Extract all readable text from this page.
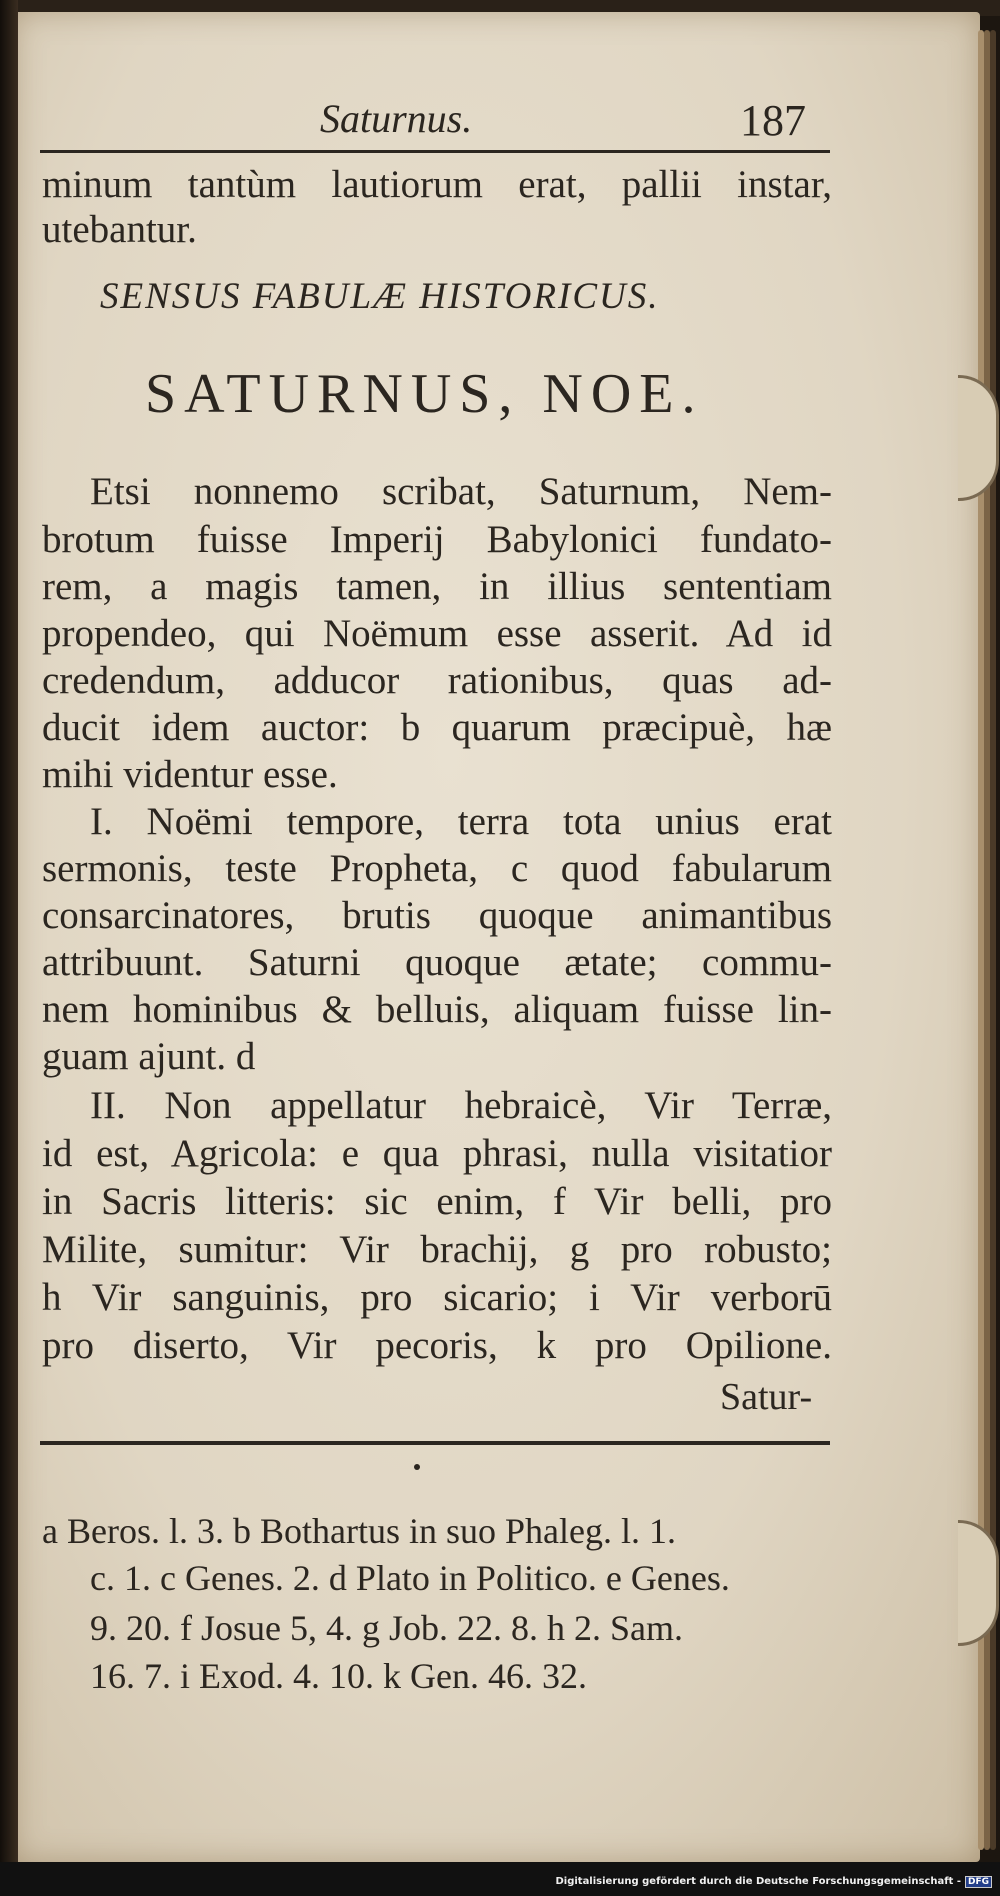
Saturnus.	187
minum tantùm lautiorum erat, pallii instar,
utebantur.
SENSUS FABULÆ HISTORICUS.
SATURNUS, NOE.
Etsi nonnemo scribat, Saturnum, Nem-
brotum fuisse Imperij Babylonici fundato-
rem, a magis tamen, in illius sententiam
propendeo, qui Noëmum esse asserit. Ad id
credendum, adducor rationibus, quas ad-
ducit idem auctor: b quarum præcipuè, hæ
mihi videntur esse.
I. Noëmi tempore, terra tota unius erat
sermonis, teste Propheta, c quod fabularum
consarcinatores, brutis quoque animantibus
attribuunt. Saturni quoque ætate; commu-
nem hominibus & belluis, aliquam fuisse lin-
guam ajunt. d
II. Non appellatur hebraicè, Vir Terræ,
id est, Agricola: e qua phrasi, nulla visitatior
in Sacris litteris: sic enim, f Vir belli, pro
Milite, sumitur: Vir brachij, g pro robusto;
h Vir sanguinis, pro sicario; i Vir verborū
pro diserto, Vir pecoris, k pro Opilione.
Satur-
a Beros. l. 3. b Bothartus in suo Phaleg. l. 1.
c. 1. c Genes. 2. d Plato in Politico. e Genes.
9. 20. f Josue 5, 4. g Job. 22. 8. h 2. Sam.
16. 7. i Exod. 4. 10. k Gen. 46. 32.
Digitalisierung gefördert durch die Deutsche Forschungsgemeinschaft - DFG
